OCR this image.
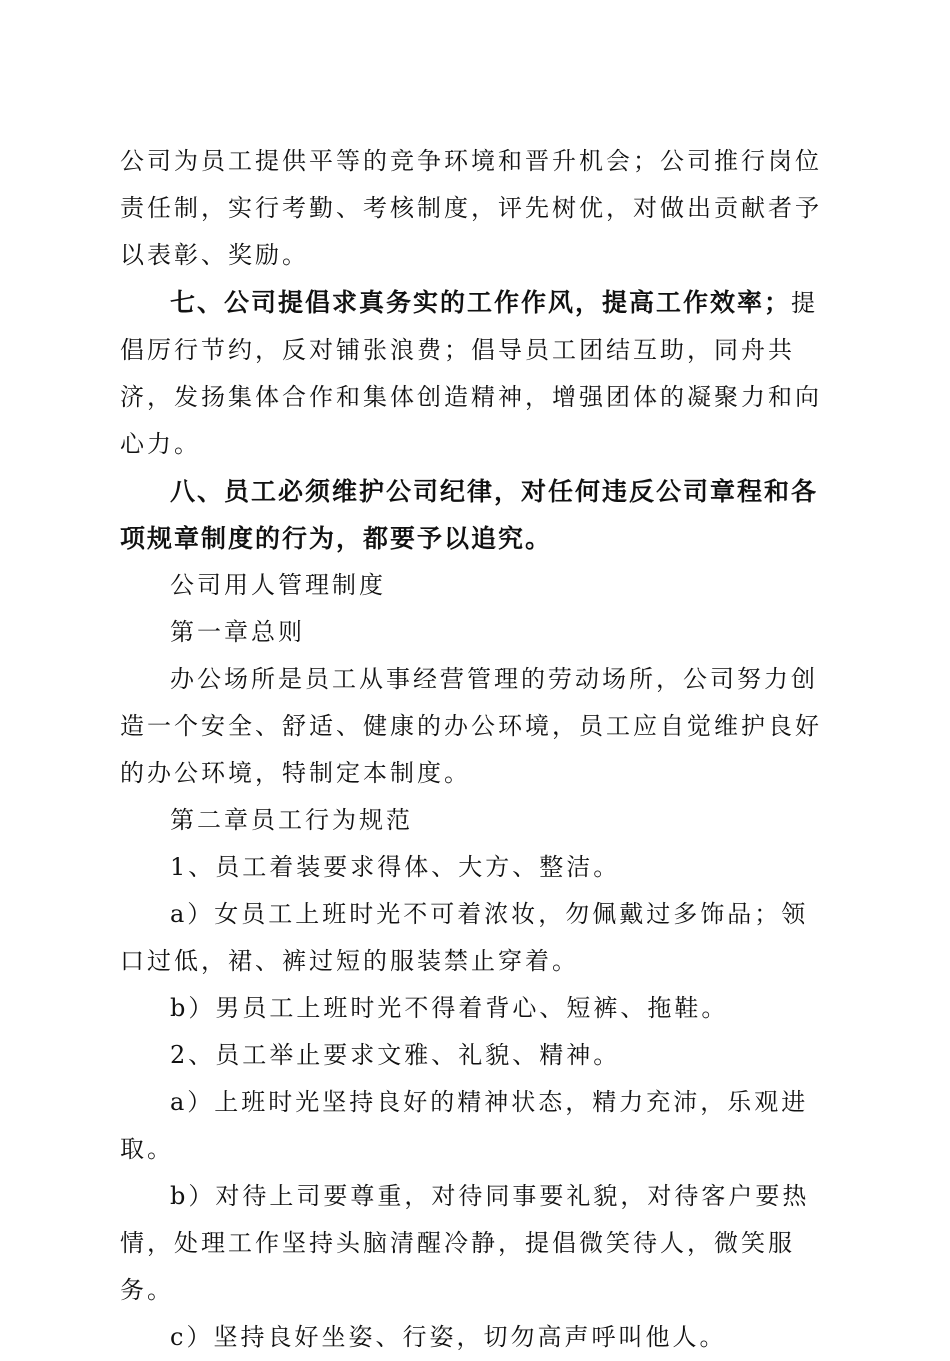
公司为员工提供平等的竞争环境和晋升机会；公司推行岗位责任制，实行考勤、考核制度，评先树优，对做出贡献者予以表彰、奖励。

七、公司提倡求真务实的工作作风，提高工作效率；提倡厉行节约，反对铺张浪费；倡导员工团结互助，同舟共济，发扬集体合作和集体创造精神，增强团体的凝聚力和向心力。

八、员工必须维护公司纪律，对任何违反公司章程和各项规章制度的行为，都要予以追究。

公司用人管理制度

第一章总则

办公场所是员工从事经营管理的劳动场所，公司努力创造一个安全、舒适、健康的办公环境，员工应自觉维护良好的办公环境，特制定本制度。

第二章员工行为规范

1、员工着装要求得体、大方、整洁。

a）女员工上班时光不可着浓妆，勿佩戴过多饰品；领口过低，裙、裤过短的服装禁止穿着。

b）男员工上班时光不得着背心、短裤、拖鞋。

2、员工举止要求文雅、礼貌、精神。

a）上班时光坚持良好的精神状态，精力充沛，乐观进取。

b）对待上司要尊重，对待同事要礼貌，对待客户要热情，处理工作坚持头脑清醒冷静，提倡微笑待人，微笑服务。

c）坚持良好坐姿、行姿，切勿高声呼叫他人。
